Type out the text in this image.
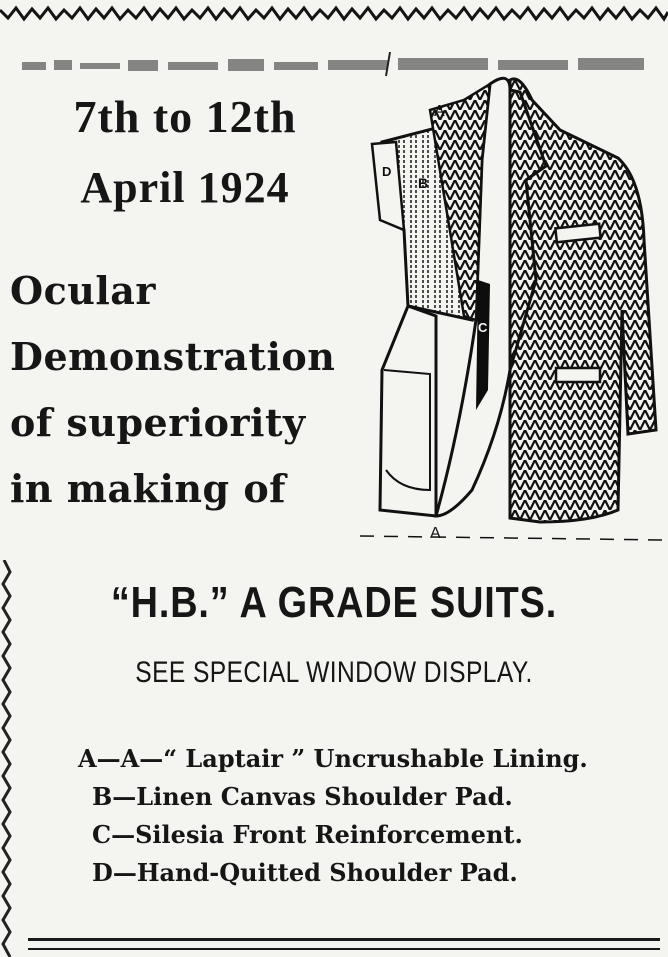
7th to 12th
April 1924
Ocular
Demonstration
of superiority
in making of
A
B
D
C
A
“H.B.” A GRADE SUITS.
SEE SPECIAL WINDOW DISPLAY.
A—A—“ Laptair ” Uncrushable Lining.
B—Linen Canvas Shoulder Pad.
C—Silesia Front Reinforcement.
D—Hand-Quitted Shoulder Pad.
